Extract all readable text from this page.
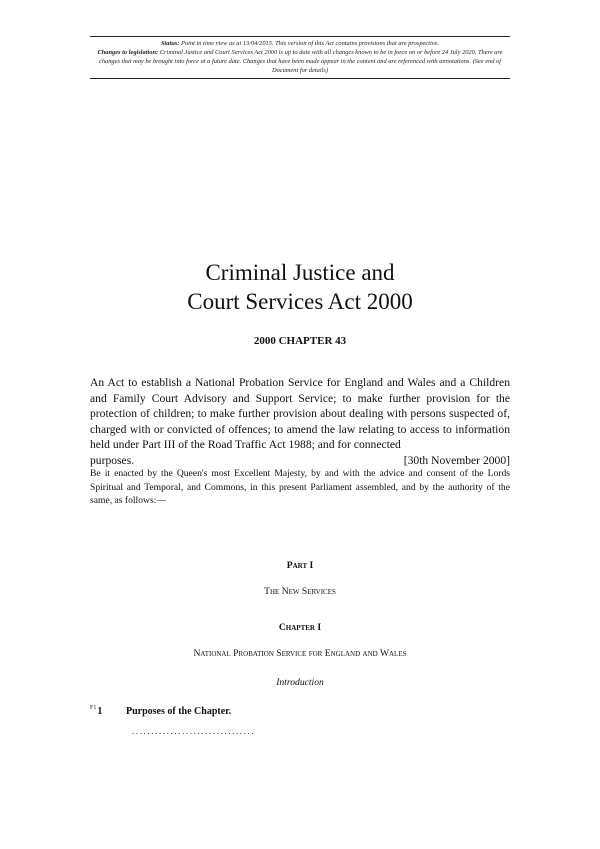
Status: Point in time view as at 13/04/2015. This version of this Act contains provisions that are prospective.
Changes to legislation: Criminal Justice and Court Services Act 2000 is up to date with all changes known to be in force on or before 24 July 2020. There are changes that may be brought into force at a future date. Changes that have been made appear in the content and are referenced with annotations. (See end of Document for details)
Criminal Justice and
Court Services Act 2000
2000 CHAPTER 43
An Act to establish a National Probation Service for England and Wales and a Children and Family Court Advisory and Support Service; to make further provision for the protection of children; to make further provision about dealing with persons suspected of, charged with or convicted of offences; to amend the law relating to access to information held under Part III of the Road Traffic Act 1988; and for connected
purposes.	[30th November 2000]
Be it enacted by the Queen's most Excellent Majesty, by and with the advice and consent of the Lords Spiritual and Temporal, and Commons, in this present Parliament assembled, and by the authority of the same, as follows:—
Part I
The New Services
Chapter I
National Probation Service for England and Wales
Introduction
$^{F1}$1 Purposes of the Chapter.
................................
